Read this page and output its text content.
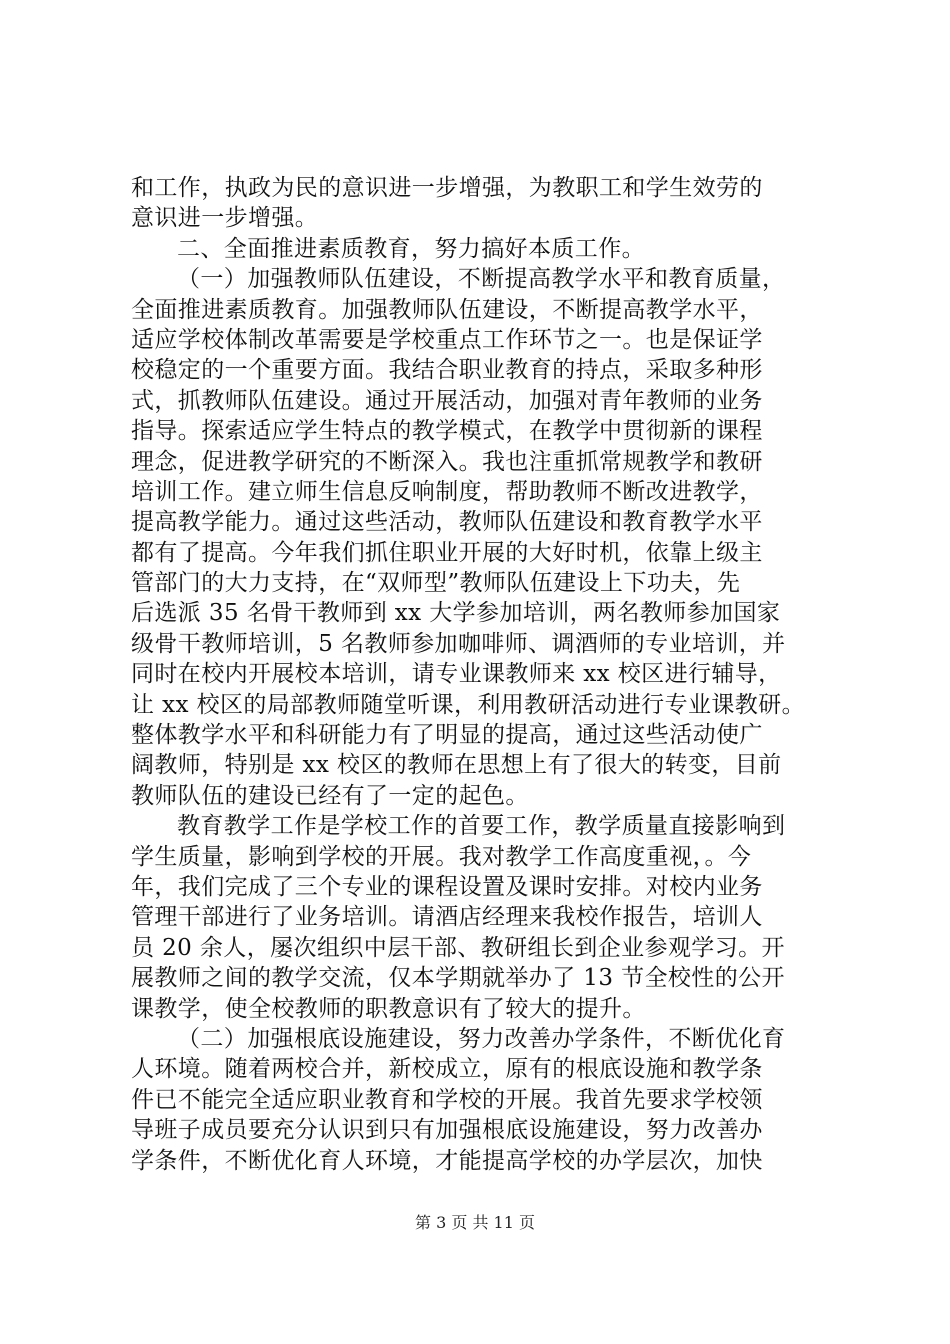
和工作，执政为民的意识进一步增强，为教职工和学生效劳的
意识进一步增强。
二、全面推进素质教育，努力搞好本质工作。
（一）加强教师队伍建设，不断提高教学水平和教育质量，
全面推进素质教育。加强教师队伍建设，不断提高教学水平，
适应学校体制改革需要是学校重点工作环节之一。也是保证学
校稳定的一个重要方面。我结合职业教育的持点，采取多种形
式，抓教师队伍建设。通过开展活动，加强对青年教师的业务
指导。探索适应学生特点的教学模式，在教学中贯彻新的课程
理念，促进教学研究的不断深入。我也注重抓常规教学和教研
培训工作。建立师生信息反响制度，帮助教师不断改进教学，
提高教学能力。通过这些活动，教师队伍建设和教育教学水平
都有了提高。今年我们抓住职业开展的大好时机，依靠上级主
管部门的大力支持，在“双师型”教师队伍建设上下功夫，先
后选派 35 名骨干教师到 xx 大学参加培训，两名教师参加国家
级骨干教师培训，5 名教师参加咖啡师、调酒师的专业培训，并
同时在校内开展校本培训，请专业课教师来 xx 校区进行辅导，
让 xx 校区的局部教师随堂听课，利用教研活动进行专业课教研。
整体教学水平和科研能力有了明显的提高，通过这些活动使广
阔教师，特别是 xx 校区的教师在思想上有了很大的转变，目前
教师队伍的建设已经有了一定的起色。
教育教学工作是学校工作的首要工作，教学质量直接影响到
学生质量，影响到学校的开展。我对教学工作高度重视，。今
年，我们完成了三个专业的课程设置及课时安排。对校内业务
管理干部进行了业务培训。请酒店经理来我校作报告，培训人
员 20 余人，屡次组织中层干部、教研组长到企业参观学习。开
展教师之间的教学交流，仅本学期就举办了 13 节全校性的公开
课教学，使全校教师的职教意识有了较大的提升。
（二）加强根底设施建设，努力改善办学条件，不断优化育
人环境。随着两校合并，新校成立，原有的根底设施和教学条
件已不能完全适应职业教育和学校的开展。我首先要求学校领
导班子成员要充分认识到只有加强根底设施建设，努力改善办
学条件，不断优化育人环境，才能提高学校的办学层次，加快
第 3 页 共 11 页
